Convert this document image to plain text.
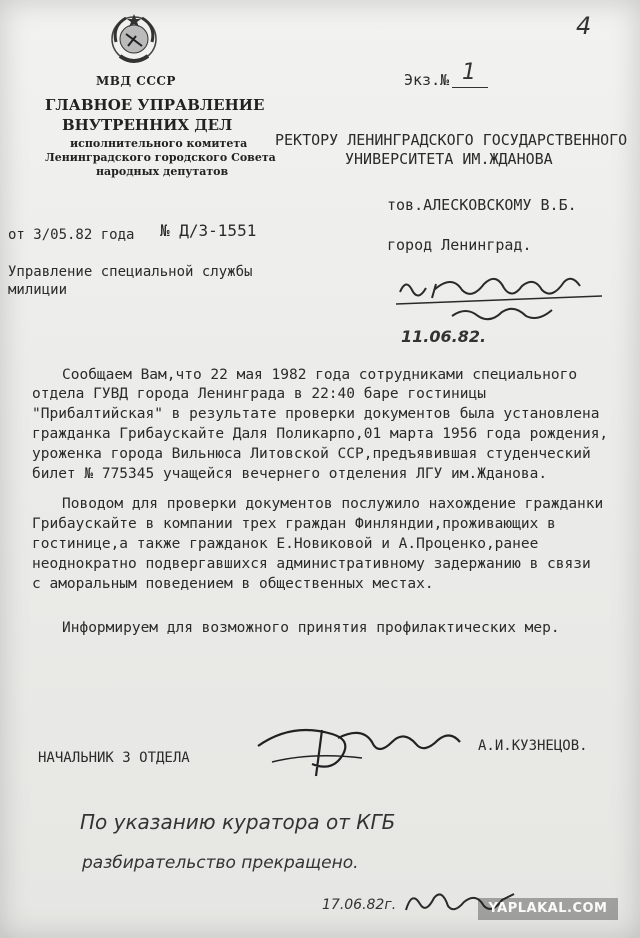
МВД СССР
ГЛАВНОЕ УПРАВЛЕНИЕ
ВНУТРЕННИХ ДЕЛ
исполнительного комитета
Ленинградского городского Совета
народных депутатов
4
Экз.№ 1
РЕКТОРУ ЛЕНИНГРАДСКОГО ГОСУДАРСТВЕННОГО
УНИВЕРСИТЕТА ИМ.ЖДАНОВА
тов.АЛЕСКОВСКОМУ В.Б.
город Ленинград.
от 3/05.82 года № Д/3-1551
Управление специальной службы
милиции
11.06.82.
Сообщаем Вам,что 22 мая 1982 года сотрудниками специального
отдела ГУВД города Ленинграда в 22:40 баре гостиницы
"Прибалтийская" в результате проверки документов была установлена
гражданка Грибаускайте Даля Поликарпо,01 марта 1956 года рождения,
уроженка города Вильнюса Литовской ССР,предъявившая студенческий
билет № 775345 учащейся вечернего отделения ЛГУ им.Жданова.
Поводом для проверки документов послужило нахождение гражданки
Грибаускайте в компании трех граждан Финляндии,проживающих в
гостинице,а также гражданок Е.Новиковой и А.Проценко,ранее
неоднократно подвергавшихся административному задержанию в связи
с аморальным поведением в общественных местах.
Информируем для возможного принятия профилактических мер.
НАЧАЛЬНИК 3 ОТДЕЛА
А.И.КУЗНЕЦОВ.
По указанию куратора от КГБ
разбирательство прекращено.
17.06.82г.	YAPLAKAL.COM
